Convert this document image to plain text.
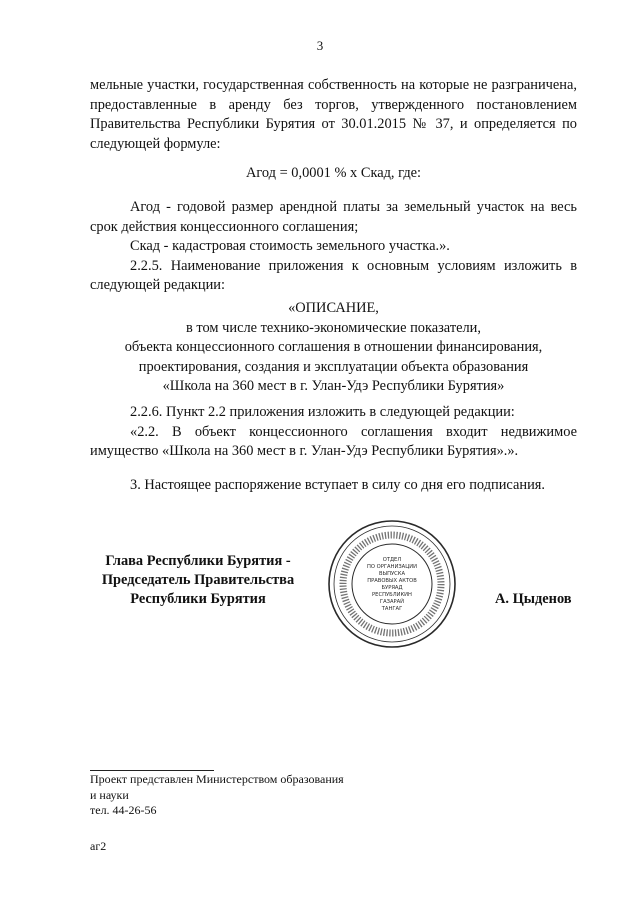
3

мельные участки, государственная собственность на которые не разграничена, предоставленные в аренду без торгов, утвержденного постановлением Правительства Республики Бурятия от 30.01.2015 № 37, и определяется по следующей формуле:

Агод = 0,0001 % х Скад, где:

Агод - годовой размер арендной платы за земельный участок на весь срок действия концессионного соглашения;

Скад - кадастровая стоимость земельного участка.».

2.2.5. Наименование приложения к основным условиям изложить в следующей редакции:

«ОПИСАНИЕ,
в том числе технико-экономические показатели,
объекта концессионного соглашения в отношении финансирования,
проектирования, создания и эксплуатации объекта образования
«Школа на 360 мест в г. Улан-Удэ Республики Бурятия»

2.2.6. Пункт 2.2 приложения изложить в следующей редакции:

«2.2. В объект концессионного соглашения входит недвижимое имущество «Школа на 360 мест в г. Улан-Удэ Республики Бурятия».».

3. Настоящее распоряжение вступает в силу со дня его подписания.

Глава Республики Бурятия -
Председатель Правительства
Республики Бурятия
ОТДЕЛ
ПО ОРГАНИЗАЦИИ
ВЫПУСКА
ПРАВОВЫХ АКТОВ
БУРЯАД
РЕСПУБЛИКИН
ГАЗАРАЙ
ТАНГАГ
А. Цыденов
Проект представлен Министерством образования
и науки
тел. 44-26-56
аг2
